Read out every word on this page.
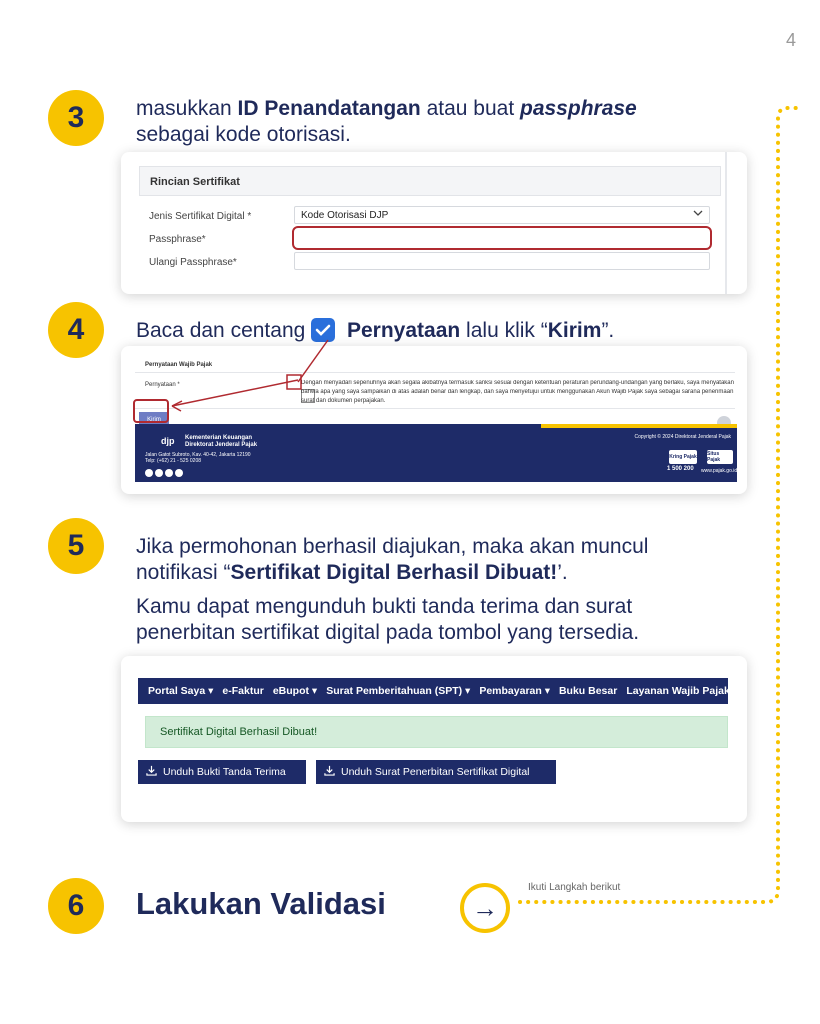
4
3	masukkan ID Penandatangan atau buat passphrase
sebagai kode otorisasi.
Rincian Sertifikat
Jenis Sertifikat Digital *	Kode Otorisasi DJP
Passphrase*
Ulangi Passphrase*
4	Baca dan centang
Pernyataan lalu klik “Kirim”.
Pernyataan Wajib Pajak
Pernyataan *	Dengan menyadari sepenuhnya akan segala akibatnya termasuk sanksi sesuai dengan ketentuan peraturan perundang-undangan yang berlaku, saya menyatakan
bahwa apa yang saya sampaikan di atas adalah benar dan lengkap, dan saya menyetujui untuk menggunakan Akun Wajib Pajak saya sebagai sarana penerimaan
surat dan dokumen perpajakan.
Kirim
djp Kementerian Keuangan
Direktorat Jenderal Pajak
Jalan Gatot Subroto, Kav. 40-42, Jakarta 12190
Telp: (+62) 21 - 525 0208
Copyright © 2024 Direktorat Jenderal Pajak
Kring Pajak
1 500 200
Situs Pajak
www.pajak.go.id
5	Jika permohonan berhasil diajukan, maka akan muncul
notifikasi “Sertifikat Digital Berhasil Dibuat!’.
Kamu dapat mengunduh bukti tanda terima dan surat
penerbitan sertifikat digital pada tombol yang tersedia.
Portal Saya ▾ e-Faktur eBupot ▾ Surat Pemberitahuan (SPT) ▾ Pembayaran ▾ Buku Besar Layanan Wajib Pajak ▾
Sertifikat Digital Berhasil Dibuat!
Unduh Bukti Tanda Terima	Unduh Surat Penerbitan Sertifikat Digital
6	Lakukan Validasi	→
Ikuti Langkah berikut
